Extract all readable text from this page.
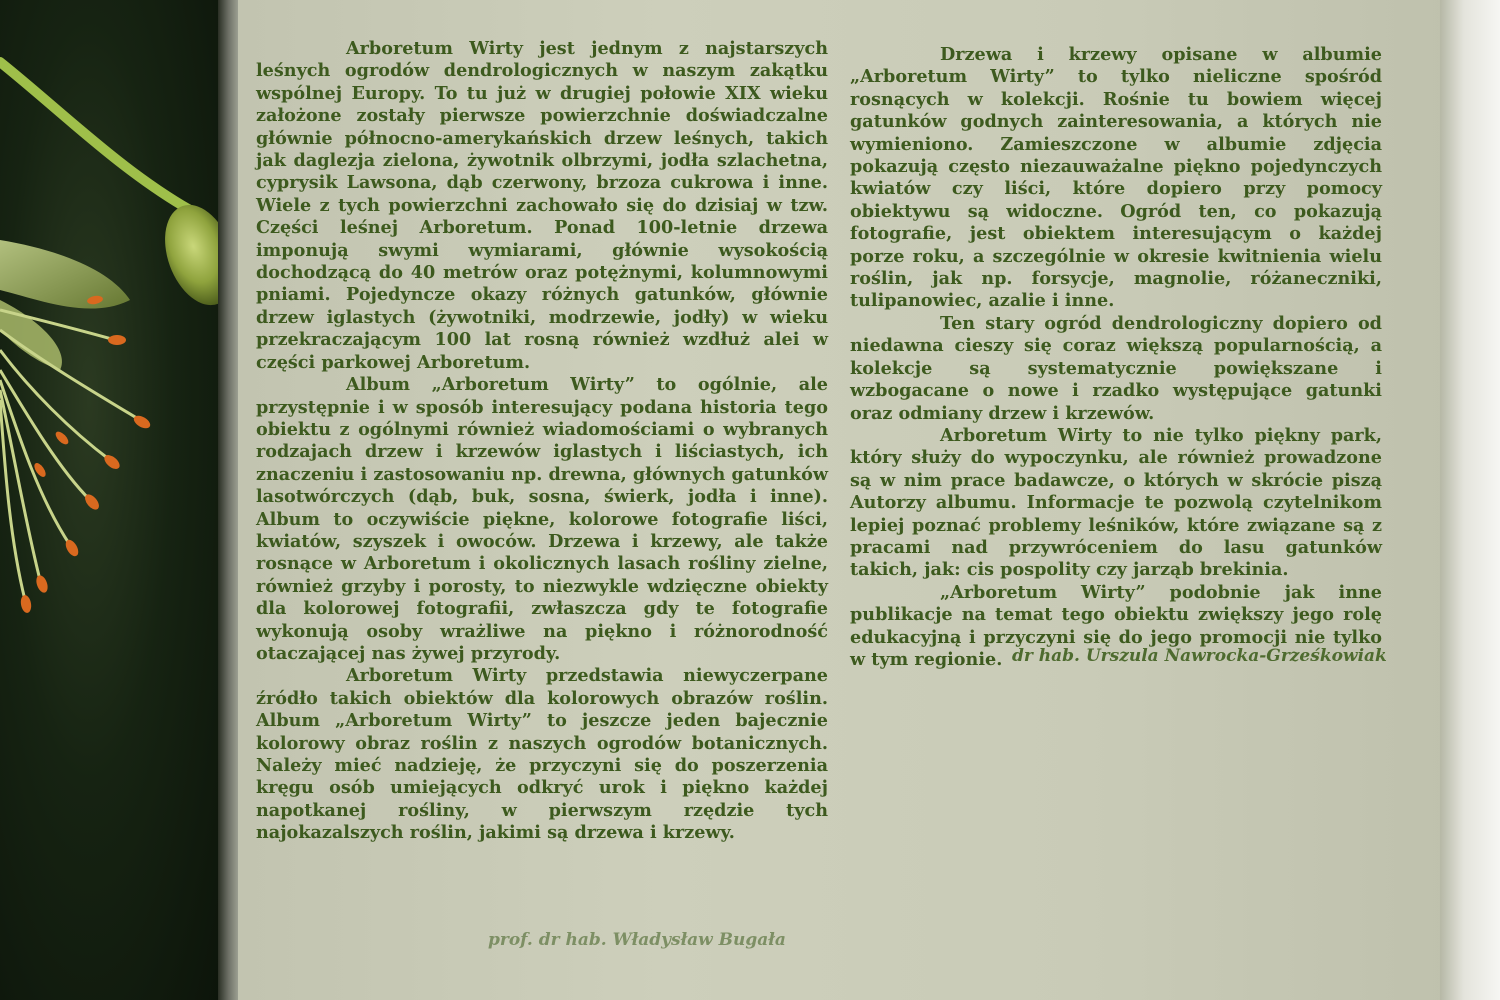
Arboretum Wirty jest jednym z najstarszych leśnych ogrodów dendrologicznych w naszym zakątku wspólnej Europy. To tu już w drugiej połowie XIX wieku założone zostały pierwsze powierzchnie doświadczalne głównie północno-amerykańskich drzew leśnych, takich jak daglezja zielona, żywotnik olbrzymi, jodła szlachetna, cyprysik Lawsona, dąb czerwony, brzoza cukrowa i inne. Wiele z tych powierzchni zachowało się do dzisiaj w tzw. Części leśnej Arboretum. Ponad 100-letnie drzewa imponują swymi wymiarami, głównie wysokością dochodzącą do 40 metrów oraz potężnymi, kolumnowymi pniami. Pojedyncze okazy różnych gatunków, głównie drzew iglastych (żywotniki, modrzewie, jodły) w wieku przekraczającym 100 lat rosną również wzdłuż alei w części parkowej Arboretum.

Album „Arboretum Wirty” to ogólnie, ale przystępnie i w sposób interesujący podana historia tego obiektu z ogólnymi również wiadomościami o wybranych rodzajach drzew i krzewów iglastych i liściastych, ich znaczeniu i zastosowaniu np. drewna, głównych gatunków lasotwórczych (dąb, buk, sosna, świerk, jodła i inne). Album to oczywiście piękne, kolorowe fotografie liści, kwiatów, szyszek i owoców. Drzewa i krzewy, ale także rosnące w Arboretum i okolicznych lasach rośliny zielne, również grzyby i porosty, to niezwykle wdzięczne obiekty dla kolorowej fotografii, zwłaszcza gdy te fotografie wykonują osoby wrażliwe na piękno i różnorodność otaczającej nas żywej przyrody.

Arboretum Wirty przedstawia niewyczerpane źródło takich obiektów dla kolorowych obrazów roślin. Album „Arboretum Wirty” to jeszcze jeden bajecznie kolorowy obraz roślin z naszych ogrodów botanicznych. Należy mieć nadzieję, że przyczyni się do poszerzenia kręgu osób umiejących odkryć urok i piękno każdej napotkanej rośliny, w pierwszym rzędzie tych najokazalszych roślin, jakimi są drzewa i krzewy.

prof. dr hab. Władysław Bugała

Drzewa i krzewy opisane w albumie „Arboretum Wirty” to tylko nieliczne spośród rosnących w kolekcji. Rośnie tu bowiem więcej gatunków godnych zainteresowania, a których nie wymieniono. Zamieszczone w albumie zdjęcia pokazują często niezauważalne piękno pojedynczych kwiatów czy liści, które dopiero przy pomocy obiektywu są widoczne. Ogród ten, co pokazują fotografie, jest obiektem interesującym o każdej porze roku, a szczególnie w okresie kwitnienia wielu roślin, jak np. forsycje, magnolie, różaneczniki, tulipanowiec, azalie i inne.

Ten stary ogród dendrologiczny dopiero od niedawna cieszy się coraz większą popularnością, a kolekcje są systematycznie powiększane i wzbogacane o nowe i rzadko występujące gatunki oraz odmiany drzew i krzewów.

Arboretum Wirty to nie tylko piękny park, który służy do wypoczynku, ale również prowadzone są w nim prace badawcze, o których w skrócie piszą Autorzy albumu. Informacje te pozwolą czytelnikom lepiej poznać problemy leśników, które związane są z pracami nad przywróceniem do lasu gatunków takich, jak: cis pospolity czy jarząb brekinia.

„Arboretum Wirty” podobnie jak inne publikacje na temat tego obiektu zwiększy jego rolę edukacyjną i przyczyni się do jego promocji nie tylko w tym regionie. dr hab. Urszula Nawrocka-Grześkowiak
